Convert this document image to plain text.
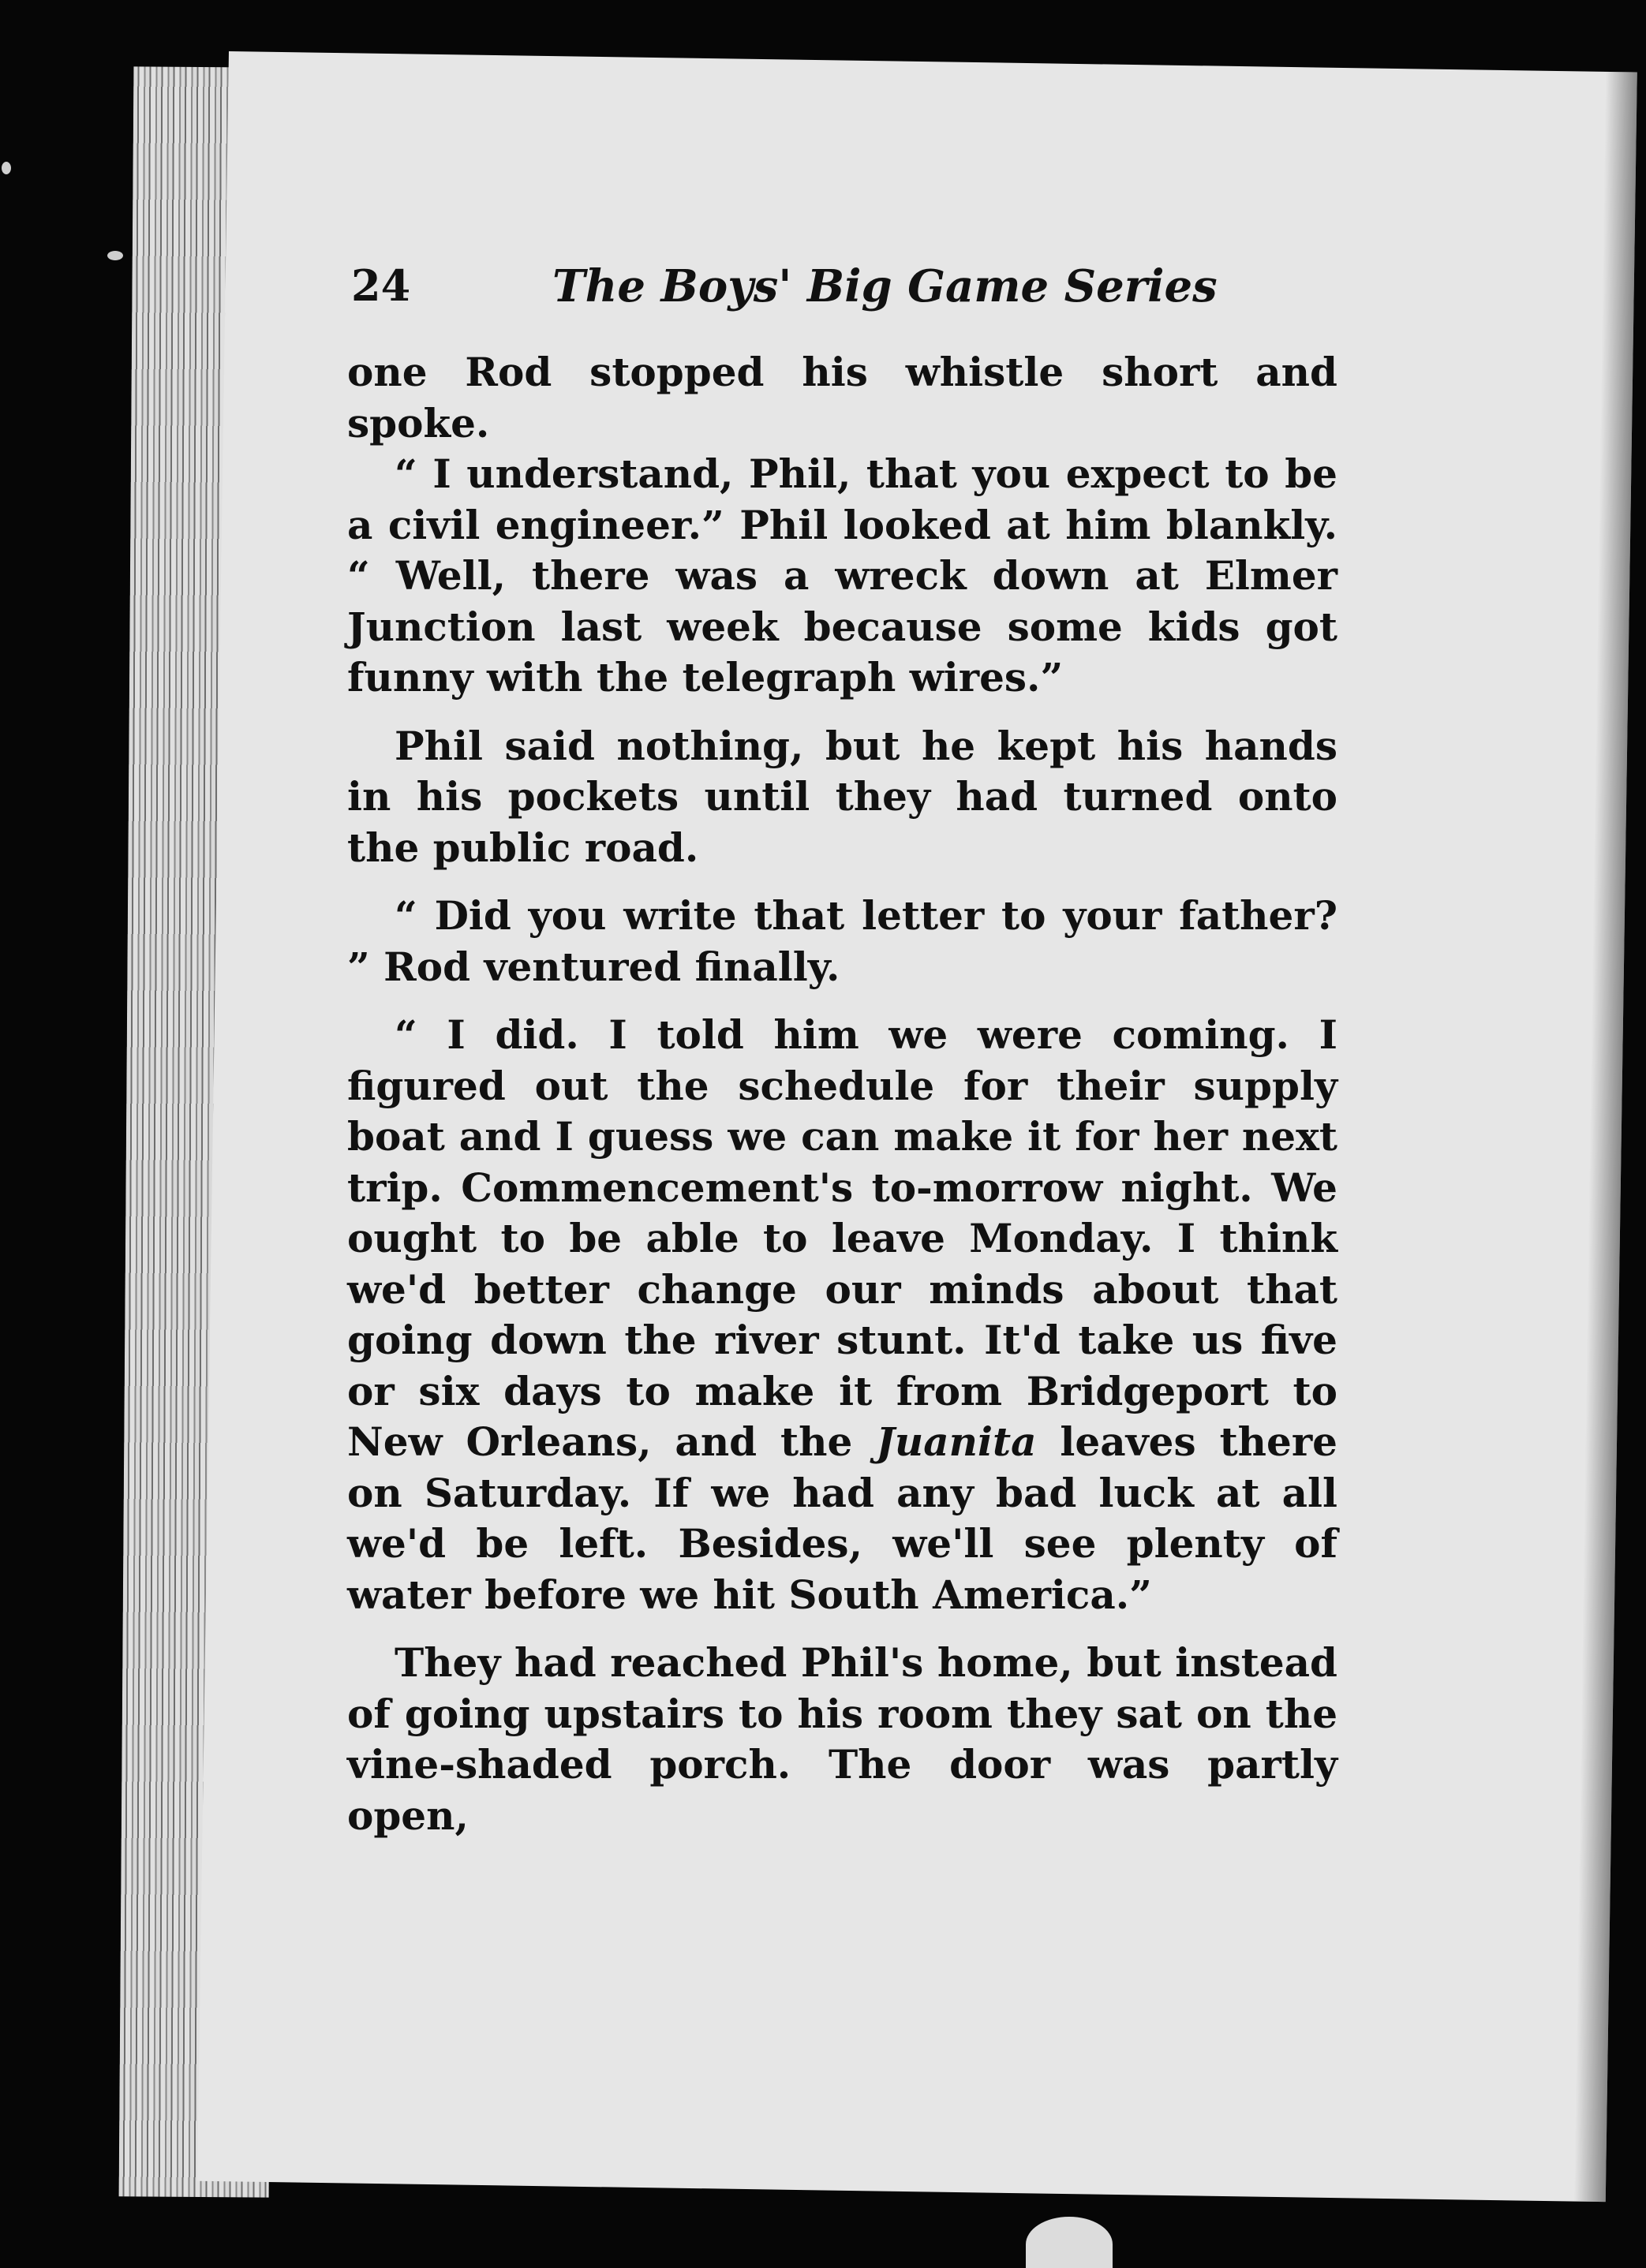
24	The Boys' Big Game Series

one Rod stopped his whistle short and spoke.

“ I understand, Phil, that you expect to be a civil engineer.” Phil looked at him blankly. “ Well, there was a wreck down at Elmer Junction last week because some kids got funny with the telegraph wires.”

Phil said nothing, but he kept his hands in his pockets until they had turned onto the public road.

“ Did you write that letter to your father? ” Rod ventured finally.

“ I did. I told him we were coming. I figured out the schedule for their supply boat and I guess we can make it for her next trip. Commencement's to-morrow night. We ought to be able to leave Monday. I think we'd better change our minds about that going down the river stunt. It'd take us five or six days to make it from Bridgeport to New Orleans, and the Juanita leaves there on Saturday. If we had any bad luck at all we'd be left. Besides, we'll see plenty of water before we hit South America.”

They had reached Phil's home, but instead of going upstairs to his room they sat on the vine-shaded porch. The door was partly open,
